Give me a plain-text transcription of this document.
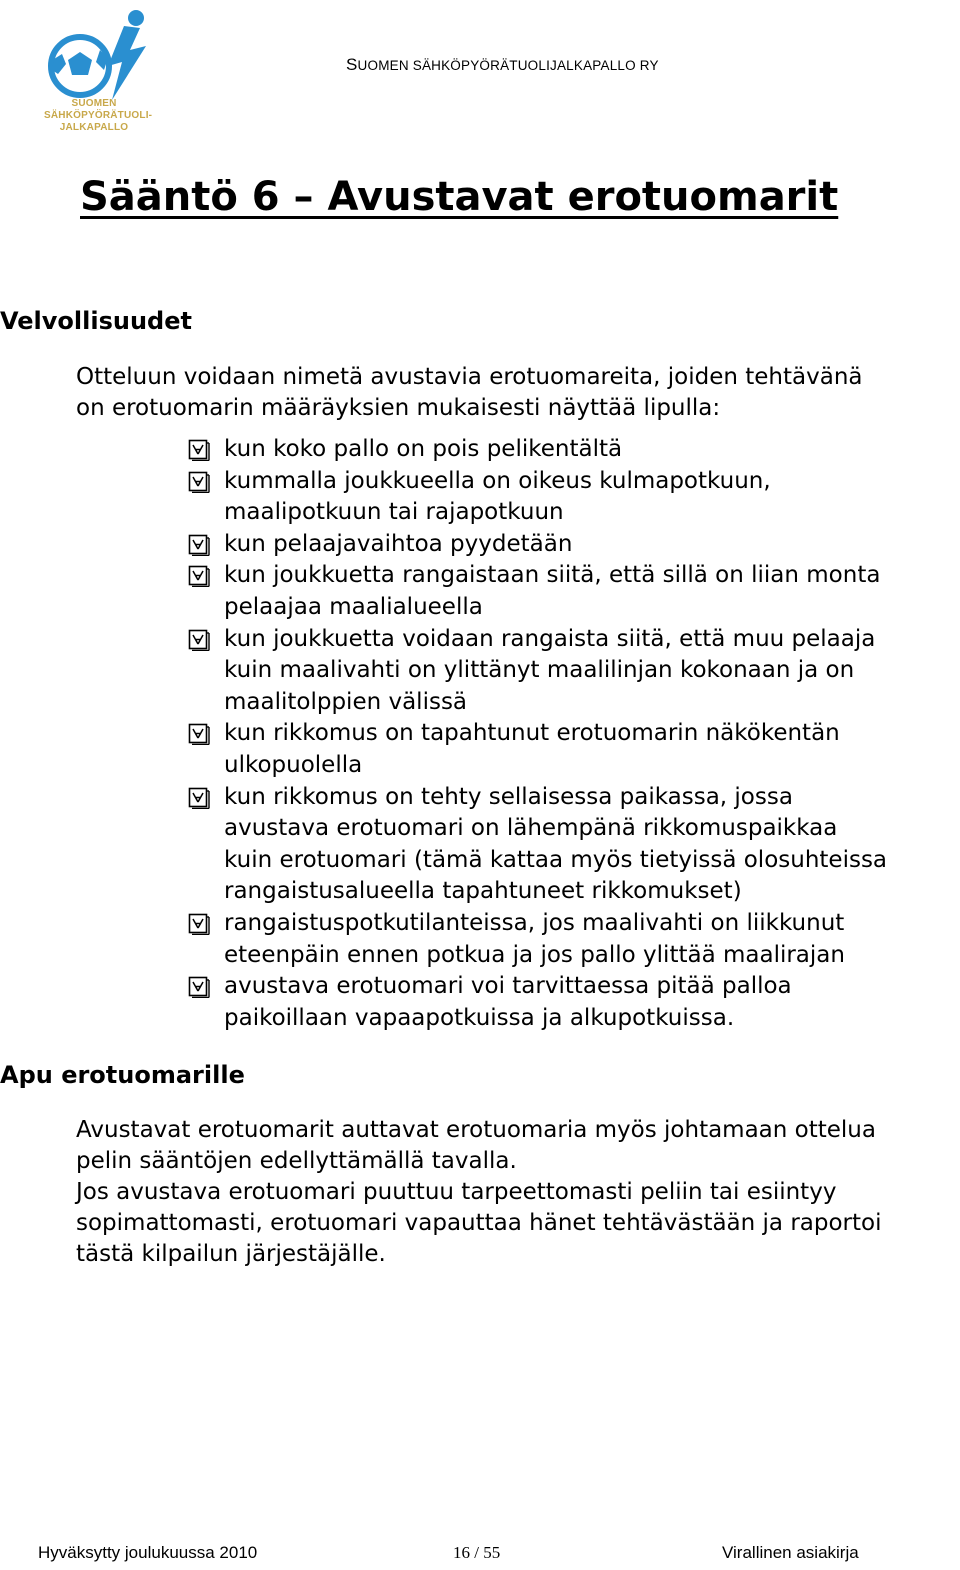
SUOMEN
SÄHKÖPYÖRÄTUOLI-
JALKAPALLO
SUOMEN SÄHKÖPYÖRÄTUOLIJALKAPALLO RY
Sääntö 6 – Avustavat erotuomarit
Velvollisuudet

Otteluun voidaan nimetä avustavia erotuomareita, joiden tehtävänä
on erotuomarin määräyksien mukaisesti näyttää lipulla:

kun koko pallo on pois pelikentältä
kummalla joukkueella on oikeus kulmapotkuun,
maalipotkuun tai rajapotkuun
kun pelaajavaihtoa pyydetään
kun joukkuetta rangaistaan siitä, että sillä on liian monta
pelaajaa maalialueella
kun joukkuetta voidaan rangaista siitä, että muu pelaaja
kuin maalivahti on ylittänyt maalilinjan kokonaan ja on
maalitolppien välissä
kun rikkomus on tapahtunut erotuomarin näkökentän
ulkopuolella
kun rikkomus on tehty sellaisessa paikassa, jossa
avustava erotuomari on lähempänä rikkomuspaikkaa
kuin erotuomari (tämä kattaa myös tietyissä olosuhteissa
rangaistusalueella tapahtuneet rikkomukset)
rangaistuspotkutilanteissa, jos maalivahti on liikkunut
eteenpäin ennen potkua ja jos pallo ylittää maalirajan
avustava erotuomari voi tarvittaessa pitää palloa
paikoillaan vapaapotkuissa ja alkupotkuissa.
Apu erotuomarille

Avustavat erotuomarit auttavat erotuomaria myös johtamaan ottelua
pelin sääntöjen edellyttämällä tavalla.
Jos avustava erotuomari puuttuu tarpeettomasti peliin tai esiintyy
sopimattomasti, erotuomari vapauttaa hänet tehtävästään ja raportoi
tästä kilpailun järjestäjälle.

Hyväksytty joulukuussa 2010	16 / 55	Virallinen asiakirja
